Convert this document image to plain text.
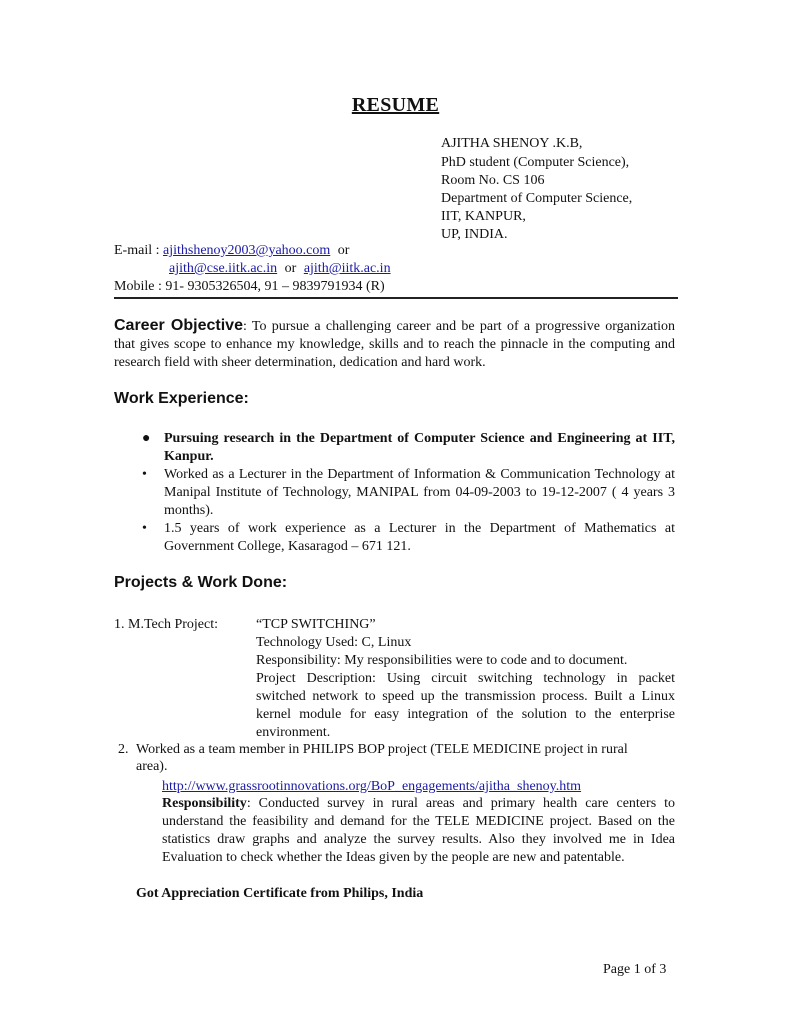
RESUME
AJITHA SHENOY .K.B,
PhD student (Computer Science),
Room No. CS 106
Department of Computer Science,
IIT, KANPUR,
UP, INDIA.
E-mail : ajithshenoy2003@yahoo.com or
ajith@cse.iitk.ac.in or ajith@iitk.ac.in
Mobile : 91- 9305326504, 91 – 9839791934 (R)
Career Objective: To pursue a challenging career and be part of a progressive organization that gives scope to enhance my knowledge, skills and to reach the pinnacle in the computing and research field with sheer determination, dedication and hard work.
Work Experience:
● Pursuing research in the Department of Computer Science and Engineering at IIT, Kanpur.
• Worked as a Lecturer in the Department of Information & Communication Technology at Manipal Institute of Technology, MANIPAL from 04-09-2003 to 19-12-2007 ( 4 years 3 months).
• 1.5 years of work experience as a Lecturer in the Department of Mathematics at Government College, Kasaragod – 671 121.
Projects & Work Done:
1. M.Tech Project:	“TCP SWITCHING”
Technology Used: C, Linux
Responsibility: My responsibilities were to code and to document.
Project Description: Using circuit switching technology in packet switched network to speed up the transmission process. Built a Linux kernel module for easy integration of the solution to the enterprise environment.
2. Worked as a team member in PHILIPS BOP project (TELE MEDICINE project in rural area).
http://www.grassrootinnovations.org/BoP_engagements/ajitha_shenoy.htm
Responsibility: Conducted survey in rural areas and primary health care centers to understand the feasibility and demand for the TELE MEDICINE project. Based on the statistics draw graphs and analyze the survey results. Also they involved me in Idea Evaluation to check whether the Ideas given by the people are new and patentable.
Got Appreciation Certificate from Philips, India
Page 1 of 3
